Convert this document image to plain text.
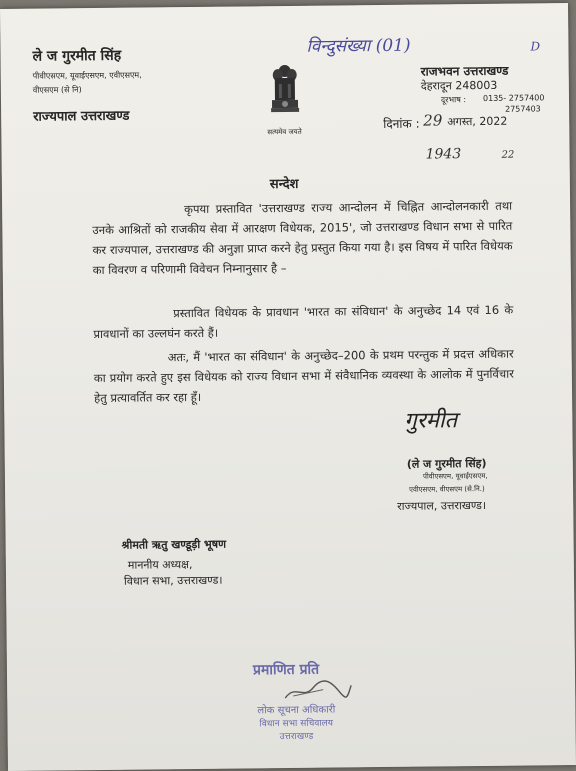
ले ज गुरमीत सिंह
पीवीएसएम, यूवाईएसएम, एवीएसएम,
वीएसएम (से नि)
राज्यपाल उत्तराखण्ड
विन्दुसंख्या (01)	D
सत्यमेव जयते
राजभवन उत्तराखण्ड
देहरादून 248003
दूरभाष : 0135- 2757400
2757403
दिनांक : 29 अगस्त, 2022
1943	22
सन्देश
कृपया प्रस्तावित 'उत्तराखण्ड राज्य आन्दोलन में चिह्नित आन्दोलनकारी तथा उनके आश्रितों को राजकीय सेवा में आरक्षण विधेयक, 2015', जो उत्तराखण्ड विधान सभा से पारित कर राज्यपाल, उत्तराखण्ड की अनुज्ञा प्राप्त करने हेतु प्रस्तुत किया गया है। इस विषय में पारित विधेयक का विवरण व परिणामी विवेचन निम्नानुसार है –
प्रस्तावित विधेयक के प्रावधान 'भारत का संविधान' के अनुच्छेद 14 एवं 16 के प्रावधानों का उल्लघंन करते हैं।
अतः, मैं 'भारत का संविधान' के अनुच्छेद–200 के प्रथम परन्तुक में प्रदत्त अधिकार का प्रयोग करते हुए इस विधेयक को राज्य विधान सभा में संवैधानिक व्यवस्था के आलोक में पुनर्विचार हेतु प्रत्यावर्तित कर रहा हूँ।
गुरमीत
(ले ज गुरमीत सिंह)
पीवीएसएम, यूवाईएसएम,
एवीएसएम, वीएसएम (से.नि.)
राज्यपाल, उत्तराखण्ड।
श्रीमती ऋतु खण्डूड़ी भूषण
माननीय अध्यक्ष,
विधान सभा, उत्तराखण्ड।
प्रमाणित प्रति
लोक सूचना अधिकारी
विधान सभा सचिवालय
उत्तराखण्ड
